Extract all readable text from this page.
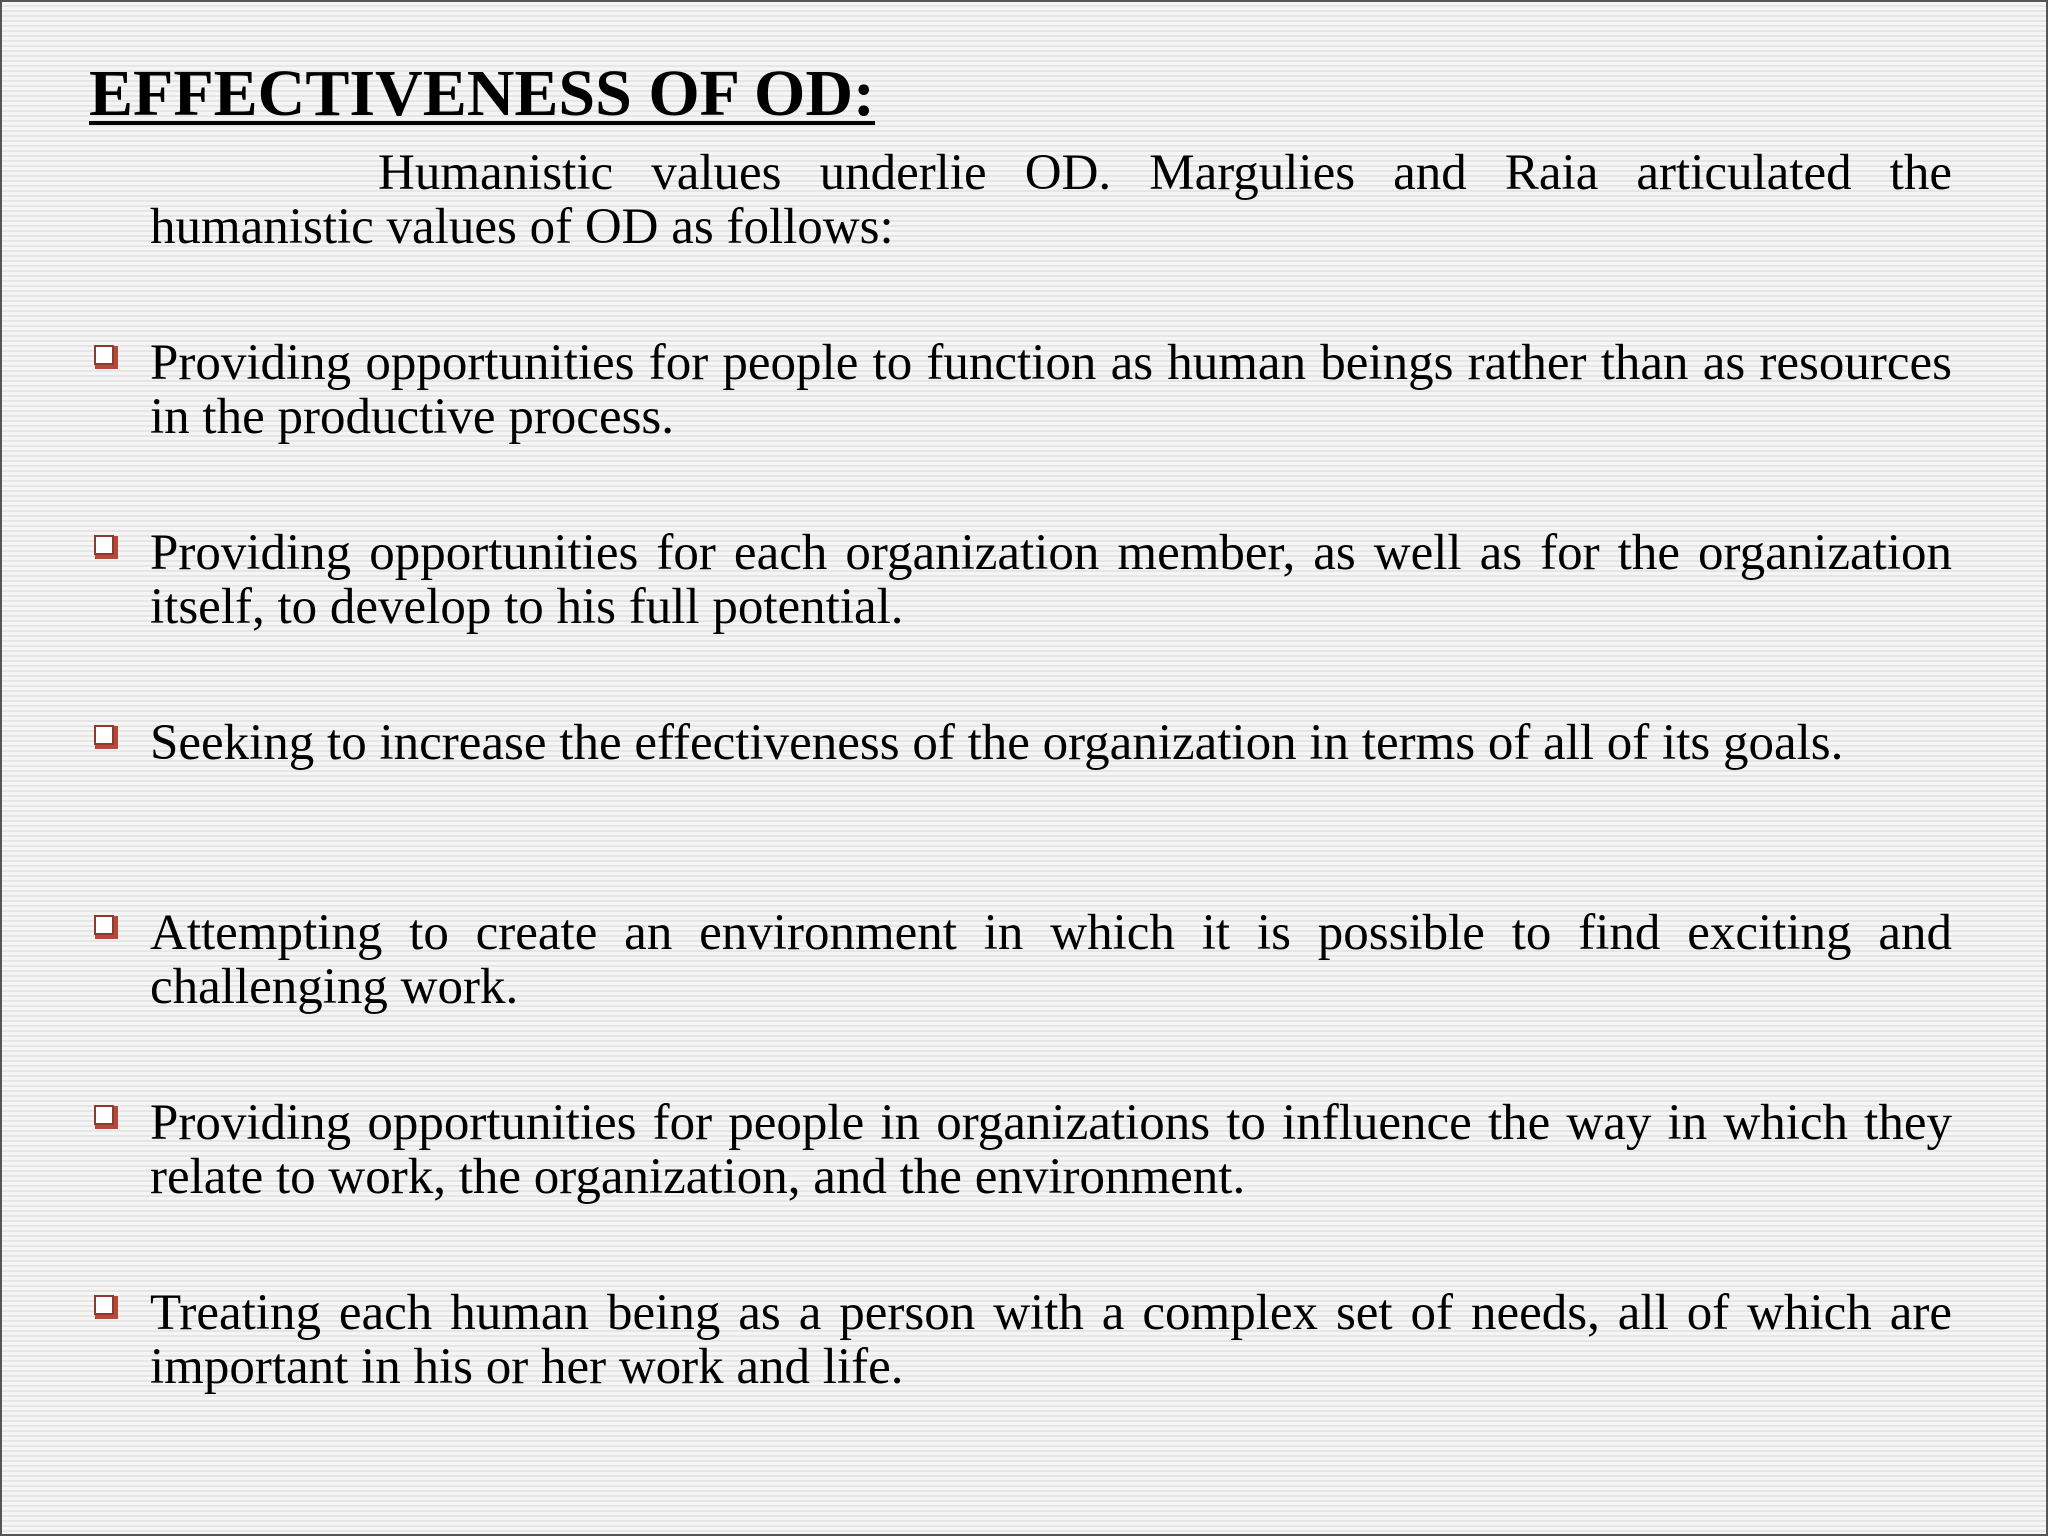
EFFECTIVENESS OF OD:

Humanistic values underlie OD. Margulies and Raia articulated the humanistic values of OD as follows:

Providing opportunities for people to function as human beings rather than as resources in the productive process.
Providing opportunities for each organization member, as well as for the organization itself, to develop to his full potential.
Seeking to increase the effectiveness of the organization in terms of all of its goals.
Attempting to create an environment in which it is possible to find exciting and challenging work.
Providing opportunities for people in organizations to influence the way in which they relate to work, the organization, and the environment.
Treating each human being as a person with a complex set of needs, all of which are important in his or her work and life.
